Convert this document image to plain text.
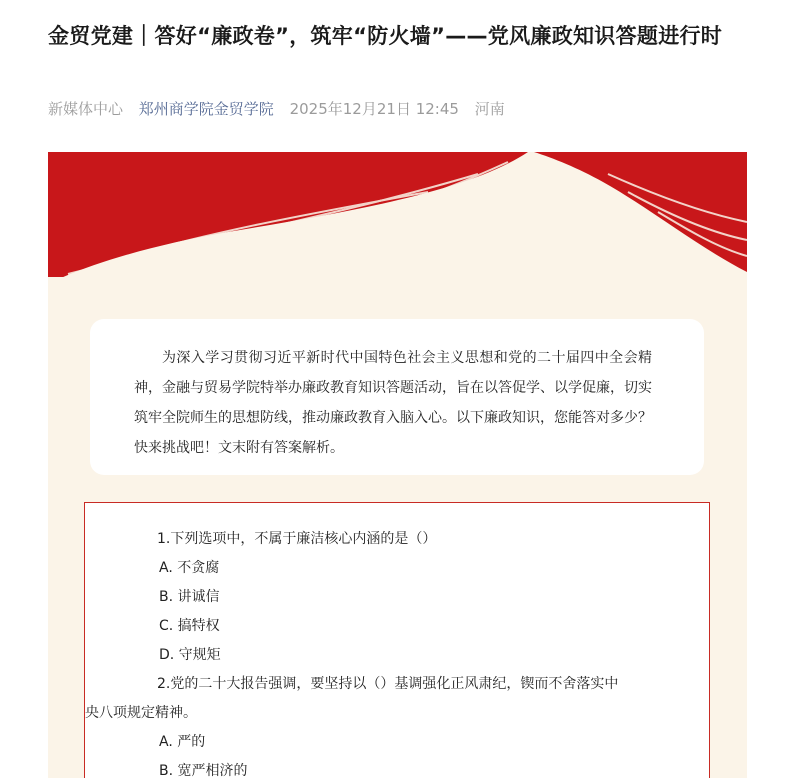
金贸党建｜答好“廉政卷”，筑牢“防火墙”——党风廉政知识答题进行时
新媒体中心 郑州商学院金贸学院 2025年12月21日 12:45 河南

为深入学习贯彻习近平新时代中国特色社会主义思想和党的二十届四中全会精神，金融与贸易学院特举办廉政教育知识答题活动，旨在以答促学、以学促廉，切实筑牢全院师生的思想防线，推动廉政教育入脑入心。以下廉政知识，您能答对多少？快来挑战吧！文末附有答案解析。

1.下列选项中，不属于廉洁核心内涵的是（）

A. 不贪腐

B. 讲诚信

C. 搞特权

D. 守规矩

2.党的二十大报告强调，要坚持以（）基调强化正风肃纪，锲而不舍落实中

央八项规定精神。

A. 严的

B. 宽严相济的
